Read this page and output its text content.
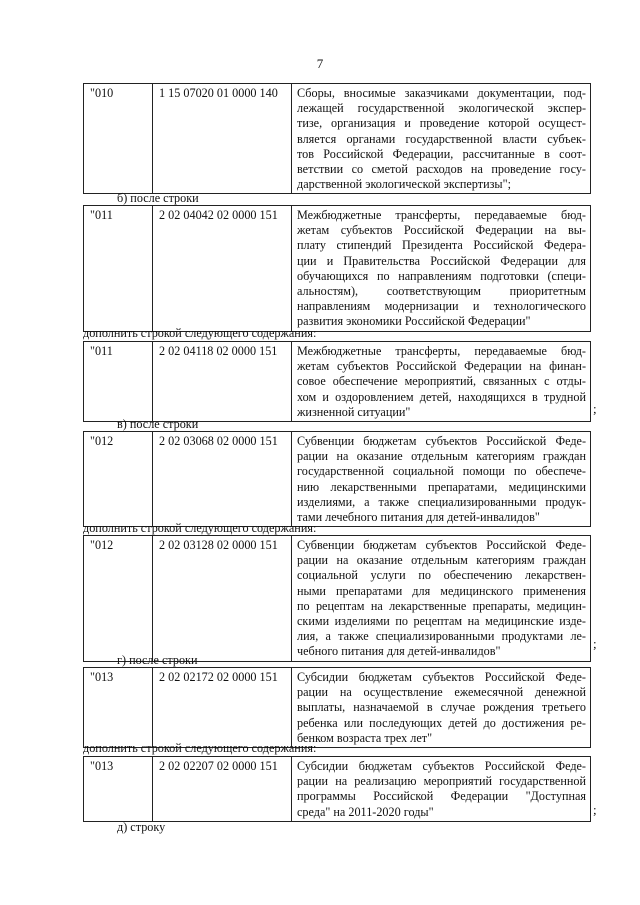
7
"010	1 15 07020 01 0000 140	Сборы, вносимые заказчиками документации, под-
лежащей государственной экологической экспер-
тизе, организация и проведение которой осущест-
вляется органами государственной власти субъек-
тов Российской Федерации, рассчитанные в соот-
ветствии со сметой расходов на проведение госу-
дарственной экологической экспертизы";
б) после строки
"011	2 02 04042 02 0000 151	Межбюджетные трансферты, передаваемые бюд-
жетам субъектов Российской Федерации на вы-
плату стипендий Президента Российской Федера-
ции и Правительства Российской Федерации для
обучающихся по направлениям подготовки (специ-
альностям), соответствующим приоритетным
направлениям модернизации и технологического
развития экономики Российской Федерации"
дополнить строкой следующего содержания:
"011	2 02 04118 02 0000 151	Межбюджетные трансферты, передаваемые бюд-
жетам субъектов Российской Федерации на финан-
совое обеспечение мероприятий, связанных с отды-
хом и оздоровлением детей, находящихся в трудной
жизненной ситуации"	;
в) после строки
"012	2 02 03068 02 0000 151	Субвенции бюджетам субъектов Российской Феде-
рации на оказание отдельным категориям граждан
государственной социальной помощи по обеспече-
нию лекарственными препаратами, медицинскими
изделиями, а также специализированными продук-
тами лечебного питания для детей-инвалидов"
дополнить строкой следующего содержания:
"012	2 02 03128 02 0000 151	Субвенции бюджетам субъектов Российской Феде-
рации на оказание отдельным категориям граждан
социальной услуги по обеспечению лекарствен-
ными препаратами для медицинского применения
по рецептам на лекарственные препараты, медицин-
скими изделиями по рецептам на медицинские изде-
лия, а также специализированными продуктами ле-
чебного питания для детей-инвалидов"
;
г) после строки
"013	2 02 02172 02 0000 151	Субсидии бюджетам субъектов Российской Феде-
рации на осуществление ежемесячной денежной
выплаты, назначаемой в случае рождения третьего
ребенка или последующих детей до достижения ре-
бенком возраста трех лет"
дополнить строкой следующего содержания:
"013	2 02 02207 02 0000 151	Субсидии бюджетам субъектов Российской Феде-
рации на реализацию мероприятий государственной
программы Российской Федерации "Доступная
среда" на 2011-2020 годы"	;
д) строку
